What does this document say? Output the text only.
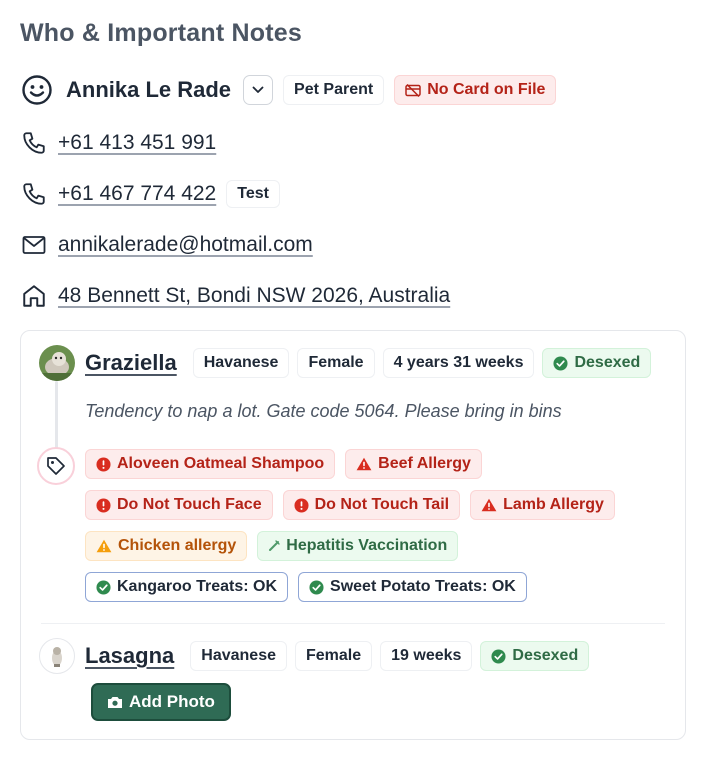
Who & Important Notes
Annika Le Rade	Pet Parent	No Card on File
+61 413 451 991
+61 467 774 422	Test
annikalerade@hotmail.com
48 Bennett St, Bondi NSW 2026, Australia
Graziella	Havanese	Female	4 years 31 weeks	Desexed
Tendency to nap a lot. Gate code 5064. Please bring in bins
Aloveen Oatmeal Shampoo	Beef Allergy
Do Not Touch Face	Do Not Touch Tail	Lamb Allergy
Chicken allergy	Hepatitis Vaccination
Kangaroo Treats: OK	Sweet Potato Treats: OK
Lasagna	Havanese	Female	19 weeks	Desexed
Add Photo
